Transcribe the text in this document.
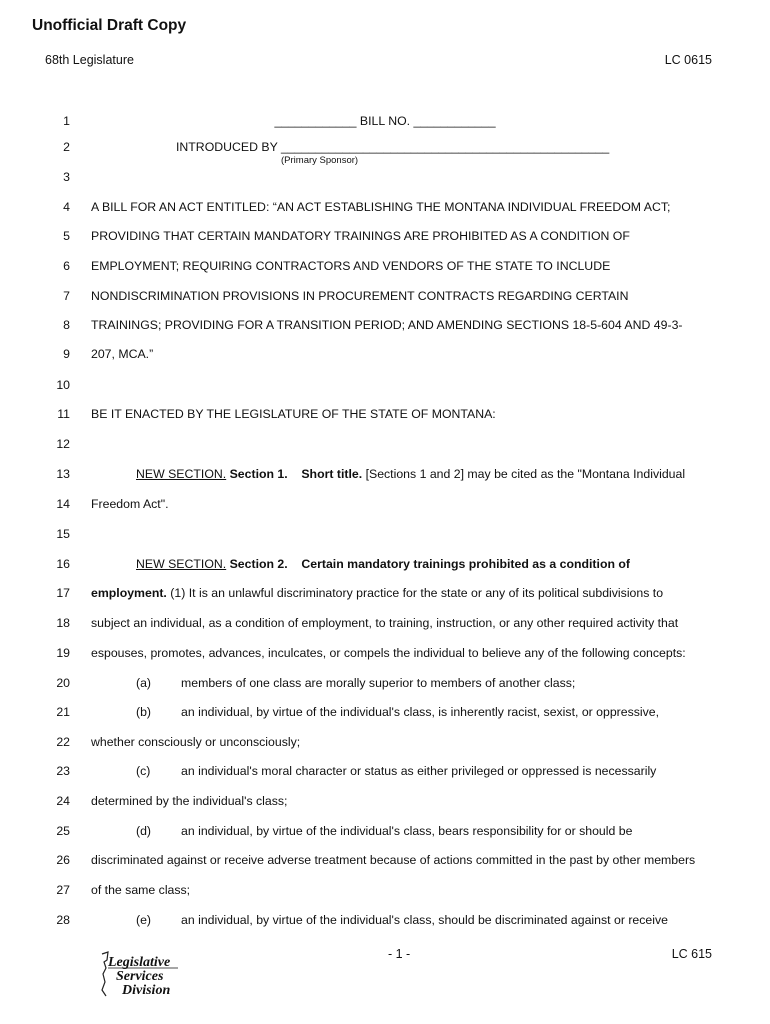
Unofficial Draft Copy
68th Legislature	LC 0615
1	____________ BILL NO. ____________
2	INTRODUCED BY ________________________________________________
3
4 A BILL FOR AN ACT ENTITLED: “AN ACT ESTABLISHING THE MONTANA INDIVIDUAL FREEDOM ACT;
5 PROVIDING THAT CERTAIN MANDATORY TRAININGS ARE PROHIBITED AS A CONDITION OF
6 EMPLOYMENT; REQUIRING CONTRACTORS AND VENDORS OF THE STATE TO INCLUDE
7 NONDISCRIMINATION PROVISIONS IN PROCUREMENT CONTRACTS REGARDING CERTAIN
8 TRAININGS; PROVIDING FOR A TRANSITION PERIOD; AND AMENDING SECTIONS 18-5-604 AND 49-3-
9 207, MCA.”
10
11 BE IT ENACTED BY THE LEGISLATURE OF THE STATE OF MONTANA:
12
13	NEW SECTION. Section 1.    Short title. [Sections 1 and 2] may be cited as the "Montana Individual
14 Freedom Act".
15
16	NEW SECTION. Section 2.    Certain mandatory trainings prohibited as a condition of
17 employment. (1) It is an unlawful discriminatory practice for the state or any of its political subdivisions to
18 subject an individual, as a condition of employment, to training, instruction, or any other required activity that
19 espouses, promotes, advances, inculcates, or compels the individual to believe any of the following concepts:
20	(a) members of one class are morally superior to members of another class;
21	(b) an individual, by virtue of the individual's class, is inherently racist, sexist, or oppressive,
22 whether consciously or unconsciously;
23	(c) an individual's moral character or status as either privileged or oppressed is necessarily
24 determined by the individual's class;
25	(d) an individual, by virtue of the individual's class, bears responsibility for or should be
26 discriminated against or receive adverse treatment because of actions committed in the past by other members
27 of the same class;
28	(e) an individual, by virtue of the individual's class, should be discriminated against or receive
(Primary Sponsor)
- 1 -	LC 615
Legislative
Services
Division
